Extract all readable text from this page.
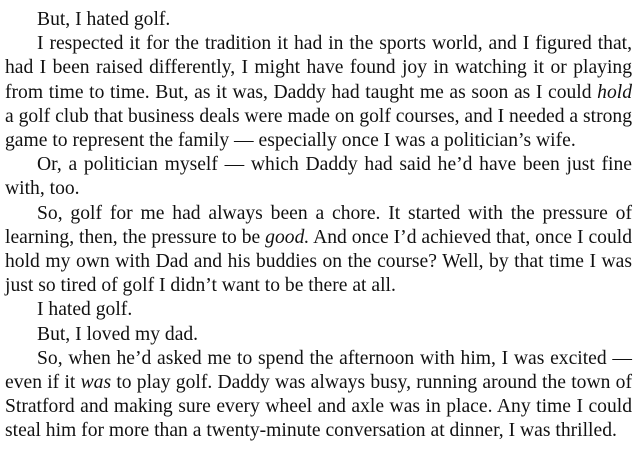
But, I hated golf.

I respected it for the tradition it had in the sports world, and I figured that, had I been raised differently, I might have found joy in watching it or playing from time to time. But, as it was, Daddy had taught me as soon as I could hold a golf club that business deals were made on golf courses, and I needed a strong game to represent the family — especially once I was a politician’s wife.

Or, a politician myself — which Daddy had said he’d have been just fine with, too.

So, golf for me had always been a chore. It started with the pressure of learning, then, the pressure to be good. And once I’d achieved that, once I could hold my own with Dad and his buddies on the course? Well, by that time I was just so tired of golf I didn’t want to be there at all.

I hated golf.

But, I loved my dad.

So, when he’d asked me to spend the afternoon with him, I was excited — even if it was to play golf. Daddy was always busy, running around the town of Stratford and making sure every wheel and axle was in place. Any time I could steal him for more than a twenty-minute conversation at dinner, I was thrilled.
